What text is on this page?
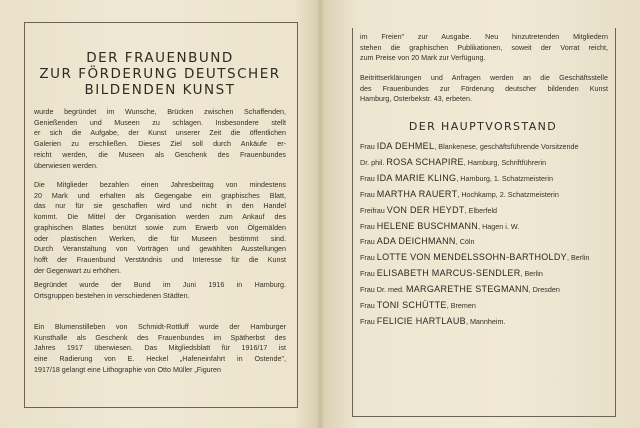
DER FRAUENBUND
ZUR FÖRDERUNG DEUTSCHER
BILDENDEN KUNST
wurde begründet im Wunsche, Brücken zwischen Schaffenden,
Genießenden und Museen zu schlagen. Insbesondere stellt
er sich die Aufgabe, der Kunst unserer Zeit die öffentlichen
Galerien zu erschließen. Dieses Ziel soll durch Ankäufe er-
reicht werden, die Museen als Geschenk des Frauenbundes
überwiesen werden.
Die Mitglieder bezahlen einen Jahresbeitrag von mindestens
20 Mark und erhalten als Gegengabe ein graphisches Blatt,
das nur für sie geschaffen wird und nicht in den Handel
kommt. Die Mittel der Organisation werden zum Ankauf des
graphischen Blattes benützt sowie zum Erwerb von Ölgemälden
oder plastischen Werken, die für Museen bestimmt sind.
Durch Veranstaltung von Vorträgen und gewählten Ausstellungen
hofft der Frauenbund Verständnis und Interesse für die Kunst
der Gegenwart zu erhöhen.
Begründet wurde der Bund im Juni 1916 in Hamburg.
Ortsgruppen bestehen in verschiedenen Städten.
Ein Blumenstilleben von Schmidt-Rottluff wurde der Hamburger
Kunsthalle als Geschenk des Frauenbundes im Spätherbst des
Jahres 1917 überwiesen. Das Mitgliedsblatt für 1916/17 ist
eine Radierung von E. Heckel „Hafeneinfahrt in Ostende",
1917/18 gelangt eine Lithographie von Otto Müller „Figuren
im Freien" zur Ausgabe. Neu hinzutretenden Mitgliedern
stehen die graphischen Publikationen, soweit der Vorrat reicht,
zum Preise von 20 Mark zur Verfügung.
Beitrittserklärungen und Anfragen werden an die Geschäftsstelle
des Frauenbundes zur Förderung deutscher bildenden Kunst
Hamburg, Osterbekstr. 43, erbeten.
DER HAUPTVORSTAND
Frau IDA DEHMEL, Blankenese, geschäftsführende Vorsitzende
Dr. phil. ROSA SCHAPIRE, Hamburg, Schriftführerin
Frau IDA MARIE KLING, Hamburg, 1. Schatzmeisterin
Frau MARTHA RAUERT, Hochkamp, 2. Schatzmeisterin
Freifrau VON DER HEYDT, Elberfeld
Frau HELENE BUSCHMANN, Hagen i. W.
Frau ADA DEICHMANN, Cöln
Frau LOTTE VON MENDELSSOHN-BARTHOLDY, Berlin
Frau ELISABETH MARCUS-SENDLER, Berlin
Frau Dr. med. MARGARETHE STEGMANN, Dresden
Frau TONI SCHÜTTE, Bremen
Frau FELICIE HARTLAUB, Mannheim.
